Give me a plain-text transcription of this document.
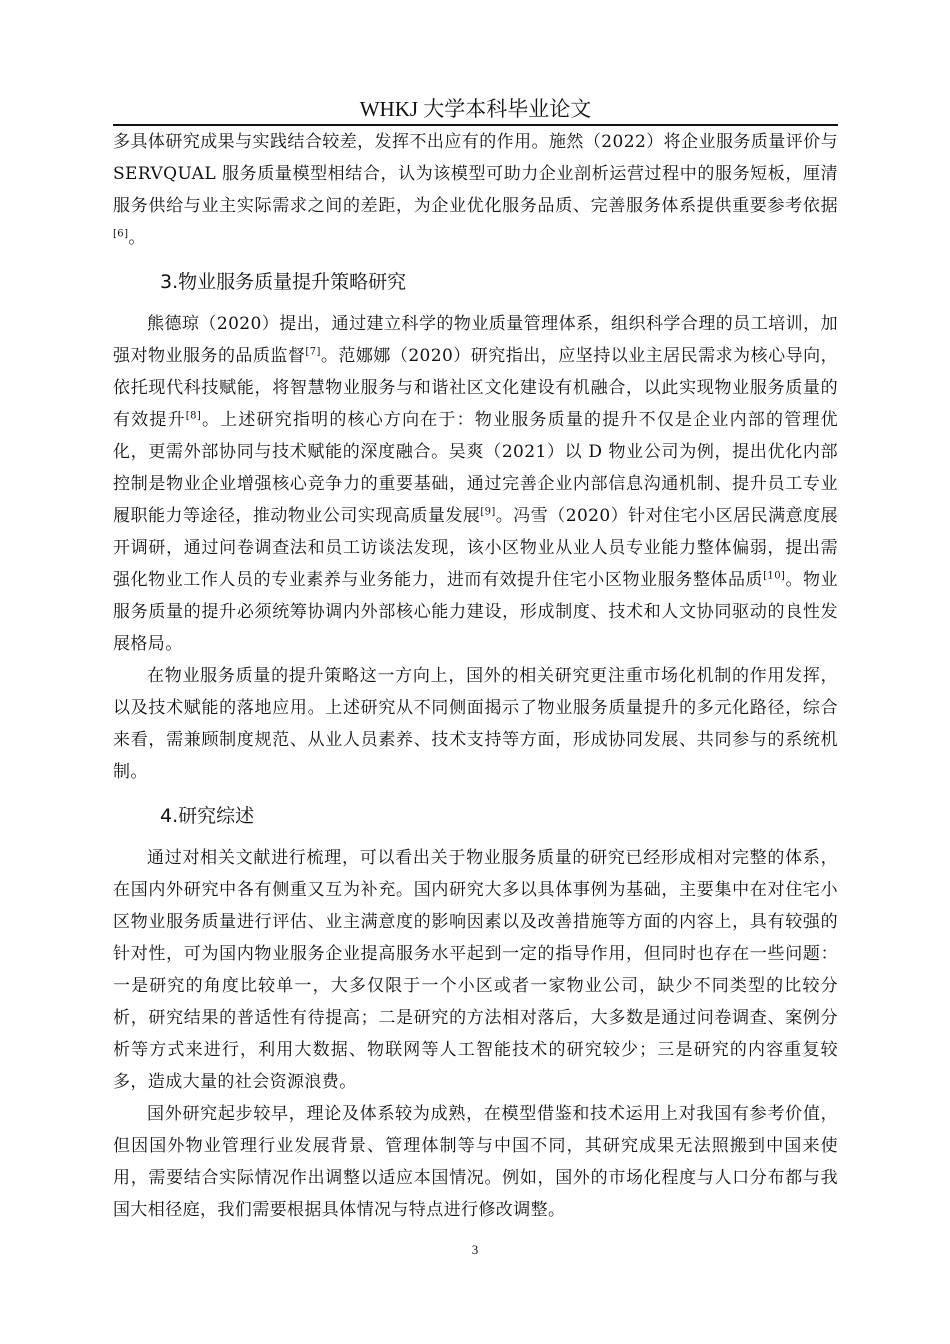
WHKJ 大学本科毕业论文

多具体研究成果与实践结合较差，发挥不出应有的作用。施然（2022）将企业服务质量评价与 SERVQUAL 服务质量模型相结合，认为该模型可助力企业剖析运营过程中的服务短板，厘清服务供给与业主实际需求之间的差距，为企业优化服务品质、完善服务体系提供重要参考依据[6]。

3.物业服务质量提升策略研究

熊德琼（2020）提出，通过建立科学的物业质量管理体系，组织科学合理的员工培训，加强对物业服务的品质监督[7]。范娜娜（2020）研究指出，应坚持以业主居民需求为核心导向，依托现代科技赋能，将智慧物业服务与和谐社区文化建设有机融合，以此实现物业服务质量的有效提升[8]。上述研究指明的核心方向在于：物业服务质量的提升不仅是企业内部的管理优化，更需外部协同与技术赋能的深度融合。吴爽（2021）以 D 物业公司为例，提出优化内部控制是物业企业增强核心竞争力的重要基础，通过完善企业内部信息沟通机制、提升员工专业履职能力等途径，推动物业公司实现高质量发展[9]。冯雪（2020）针对住宅小区居民满意度展开调研，通过问卷调查法和员工访谈法发现，该小区物业从业人员专业能力整体偏弱，提出需强化物业工作人员的专业素养与业务能力，进而有效提升住宅小区物业服务整体品质[10]。物业服务质量的提升必须统筹协调内外部核心能力建设，形成制度、技术和人文协同驱动的良性发展格局。

在物业服务质量的提升策略这一方向上，国外的相关研究更注重市场化机制的作用发挥，以及技术赋能的落地应用。上述研究从不同侧面揭示了物业服务质量提升的多元化路径，综合来看，需兼顾制度规范、从业人员素养、技术支持等方面，形成协同发展、共同参与的系统机制。

4.研究综述

通过对相关文献进行梳理，可以看出关于物业服务质量的研究已经形成相对完整的体系，在国内外研究中各有侧重又互为补充。国内研究大多以具体事例为基础，主要集中在对住宅小区物业服务质量进行评估、业主满意度的影响因素以及改善措施等方面的内容上，具有较强的针对性，可为国内物业服务企业提高服务水平起到一定的指导作用，但同时也存在一些问题：一是研究的角度比较单一，大多仅限于一个小区或者一家物业公司，缺少不同类型的比较分析，研究结果的普适性有待提高；二是研究的方法相对落后，大多数是通过问卷调查、案例分析等方式来进行，利用大数据、物联网等人工智能技术的研究较少；三是研究的内容重复较多，造成大量的社会资源浪费。

国外研究起步较早，理论及体系较为成熟，在模型借鉴和技术运用上对我国有参考价值，但因国外物业管理行业发展背景、管理体制等与中国不同，其研究成果无法照搬到中国来使用，需要结合实际情况作出调整以适应本国情况。例如，国外的市场化程度与人口分布都与我国大相径庭，我们需要根据具体情况与特点进行修改调整。

3
